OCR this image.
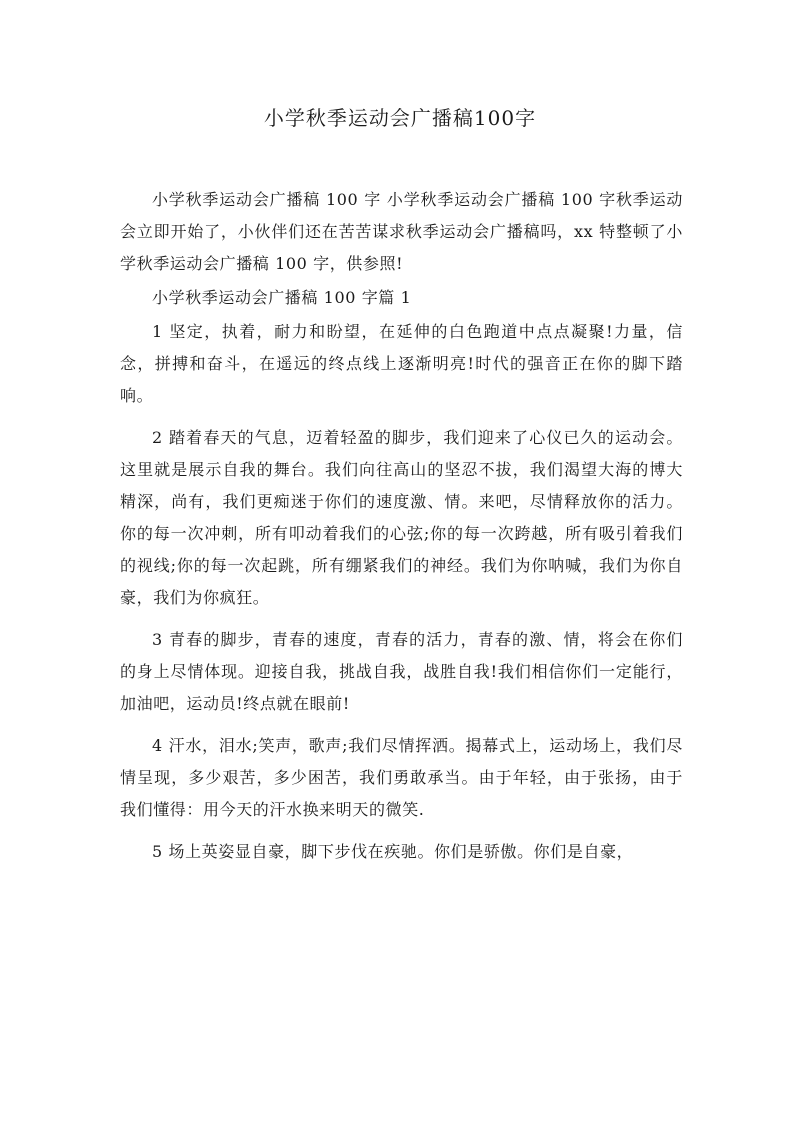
小学秋季运动会广播稿100字

小学秋季运动会广播稿 100 字 小学秋季运动会广播稿 100 字秋季运动会立即开始了，小伙伴们还在苦苦谋求秋季运动会广播稿吗，xx 特整顿了小学秋季运动会广播稿 100 字，供参照!

小学秋季运动会广播稿 100 字篇 1

1 坚定，执着，耐力和盼望，在延伸的白色跑道中点点凝聚!力量，信念，拼搏和奋斗，在遥远的终点线上逐渐明亮!时代的强音正在你的脚下踏响。

2 踏着春天的气息，迈着轻盈的脚步，我们迎来了心仪已久的运动会。这里就是展示自我的舞台。我们向往高山的坚忍不拔，我们渴望大海的博大精深，尚有，我们更痴迷于你们的速度激、情。来吧，尽情释放你的活力。你的每一次冲刺，所有叩动着我们的心弦;你的每一次跨越，所有吸引着我们的视线;你的每一次起跳，所有绷紧我们的神经。我们为你呐喊，我们为你自豪，我们为你疯狂。

3 青春的脚步，青春的速度，青春的活力，青春的激、情，将会在你们的身上尽情体现。迎接自我，挑战自我，战胜自我!我们相信你们一定能行，加油吧，运动员!终点就在眼前!

4 汗水，泪水;笑声，歌声;我们尽情挥洒。揭幕式上，运动场上，我们尽情呈现，多少艰苦，多少困苦，我们勇敢承当。由于年轻，由于张扬，由于我们懂得：用今天的汗水换来明天的微笑.

5 场上英姿显自豪，脚下步伐在疾驰。你们是骄傲。你们是自豪，
